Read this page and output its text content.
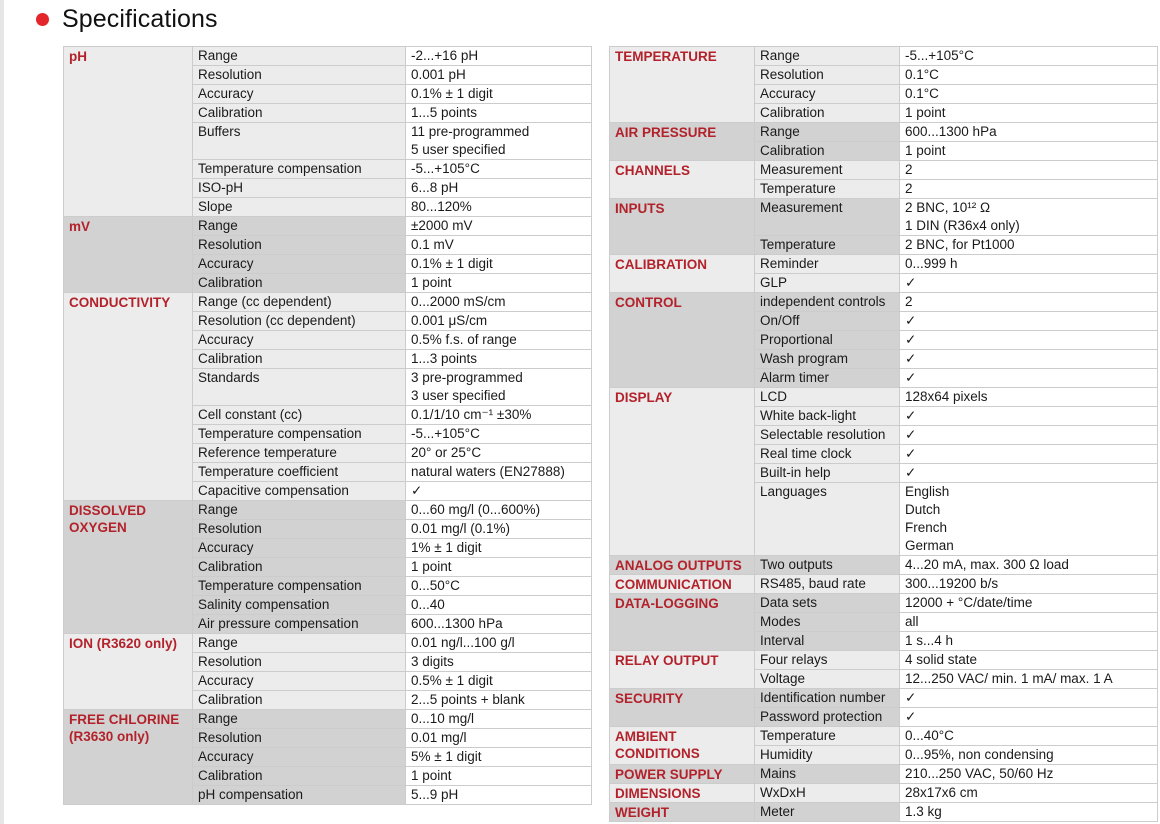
Specifications
pH	Range	-2...+16 pH

	Resolution	0.001 pH

	Accuracy	0.1% ± 1 digit

	Calibration	1...5 points

	Buffers	11 pre-programmed
5 user specified

	Temperature compensation	-5...+105°C

	ISO-pH	6...8 pH

	Slope	80...120%

mV	Range	±2000 mV

	Resolution	0.1 mV

	Accuracy	0.1% ± 1 digit

	Calibration	1 point

CONDUCTIVITY	Range (cc dependent)	0...2000 mS/cm

	Resolution (cc dependent)	0.001 μS/cm

	Accuracy	0.5% f.s. of range

	Calibration	1...3 points

	Standards	3 pre-programmed
3 user specified

	Cell constant (cc)	0.1/1/10 cm⁻¹ ±30%

	Temperature compensation	-5...+105°C

	Reference temperature	20° or 25°C

	Temperature coefficient	natural waters (EN27888)

	Capacitive compensation	✓

DISSOLVED OXYGEN	Range	0...60 mg/l (0...600%)

	Resolution	0.01 mg/l (0.1%)

	Accuracy	1% ± 1 digit

	Calibration	1 point

	Temperature compensation	0...50°C

	Salinity compensation	0...40

	Air pressure compensation	600...1300 hPa

ION (R3620 only)	Range	0.01 ng/l...100 g/l

	Resolution	3 digits

	Accuracy	0.5% ± 1 digit

	Calibration	2...5 points + blank

FREE CHLORINE (R3630 only)	Range	0...10 mg/l

	Resolution	0.01 mg/l

	Accuracy	5% ± 1 digit

	Calibration	1 point

	pH compensation	5...9 pH
TEMPERATURE	Range	-5...+105°C

	Resolution	0.1°C

	Accuracy	0.1°C

	Calibration	1 point

AIR PRESSURE	Range	600...1300 hPa

	Calibration	1 point

CHANNELS	Measurement	2

	Temperature	2

INPUTS	Measurement	2 BNC, 10¹² Ω
1 DIN (R36x4 only)

	Temperature	2 BNC, for Pt1000

CALIBRATION	Reminder	0...999 h

	GLP	✓

CONTROL	independent controls	2

	On/Off	✓

	Proportional	✓

	Wash program	✓

	Alarm timer	✓

DISPLAY	LCD	128x64 pixels

	White back-light	✓

	Selectable resolution	✓

	Real time clock	✓

	Built-in help	✓

	Languages	English
Dutch
French
German

ANALOG OUTPUTS	Two outputs	4...20 mA, max. 300 Ω load

COMMUNICATION	RS485, baud rate	300...19200 b/s

DATA-LOGGING	Data sets	12000 + °C/date/time

	Modes	all

	Interval	1 s...4 h

RELAY OUTPUT	Four relays	4 solid state

	Voltage	12...250 VAC/ min. 1 mA/ max. 1 A

SECURITY	Identification number	✓

	Password protection	✓

AMBIENT CONDITIONS	Temperature	0...40°C

	Humidity	0...95%, non condensing

POWER SUPPLY	Mains	210...250 VAC, 50/60 Hz

DIMENSIONS	WxDxH	28x17x6 cm

WEIGHT	Meter	1.3 kg
